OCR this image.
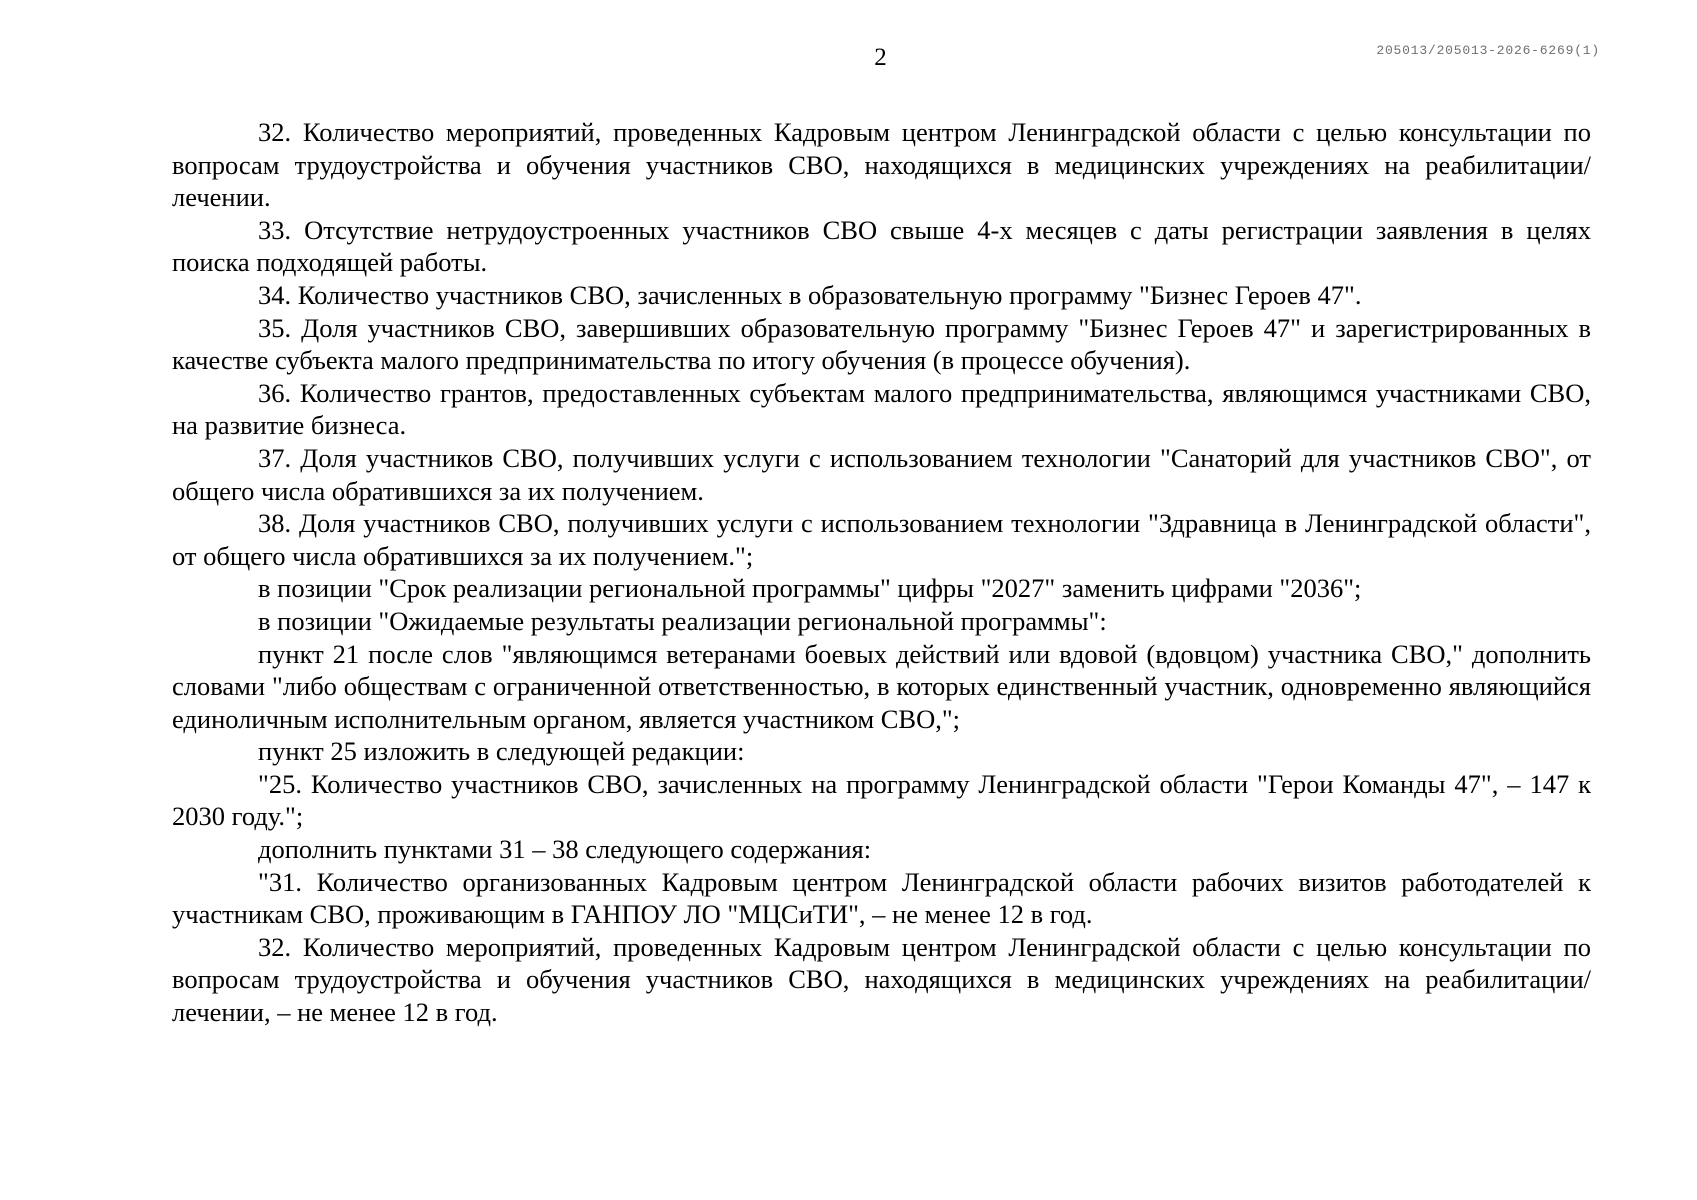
2	205013/205013-2026-6269(1)

32. Количество мероприятий, проведенных Кадровым центром Ленинградской области с целью консультации по вопросам трудоустройства и обучения участников СВО, находящихся в медицинских учреждениях на реабилитации/лечении.

33. Отсутствие нетрудоустроенных участников СВО свыше 4-х месяцев с даты регистрации заявления в целях поиска подходящей работы.

34. Количество участников СВО, зачисленных в образовательную программу "Бизнес Героев 47".

35. Доля участников СВО, завершивших образовательную программу "Бизнес Героев 47" и зарегистрированных в качестве субъекта малого предпринимательства по итогу обучения (в процессе обучения).

36. Количество грантов, предоставленных субъектам малого предпринимательства, являющимся участниками СВО, на развитие бизнеса.

37. Доля участников СВО, получивших услуги с использованием технологии "Санаторий для участников СВО", от общего числа обратившихся за их получением.

38. Доля участников СВО, получивших услуги с использованием технологии "Здравница в Ленинградской области", от общего числа обратившихся за их получением.";

в позиции "Срок реализации региональной программы" цифры "2027" заменить цифрами "2036";

в позиции "Ожидаемые результаты реализации региональной программы":

пункт 21 после слов "являющимся ветеранами боевых действий или вдовой (вдовцом) участника СВО," дополнить словами "либо обществам с ограниченной ответственностью, в которых единственный участник, одновременно являющийся единоличным исполнительным органом, является участником СВО,";

пункт 25 изложить в следующей редакции:

"25. Количество участников СВО, зачисленных на программу Ленинградской области "Герои Команды 47", – 147 к 2030 году.";

дополнить пунктами 31 – 38 следующего содержания:

"31. Количество организованных Кадровым центром Ленинградской области рабочих визитов работодателей к участникам СВО, проживающим в ГАНПОУ ЛО "МЦСиТИ", – не менее 12 в год.

32. Количество мероприятий, проведенных Кадровым центром Ленинградской области с целью консультации по вопросам трудоустройства и обучения участников СВО, находящихся в медицинских учреждениях на реабилитации/лечении, – не менее 12 в год.
